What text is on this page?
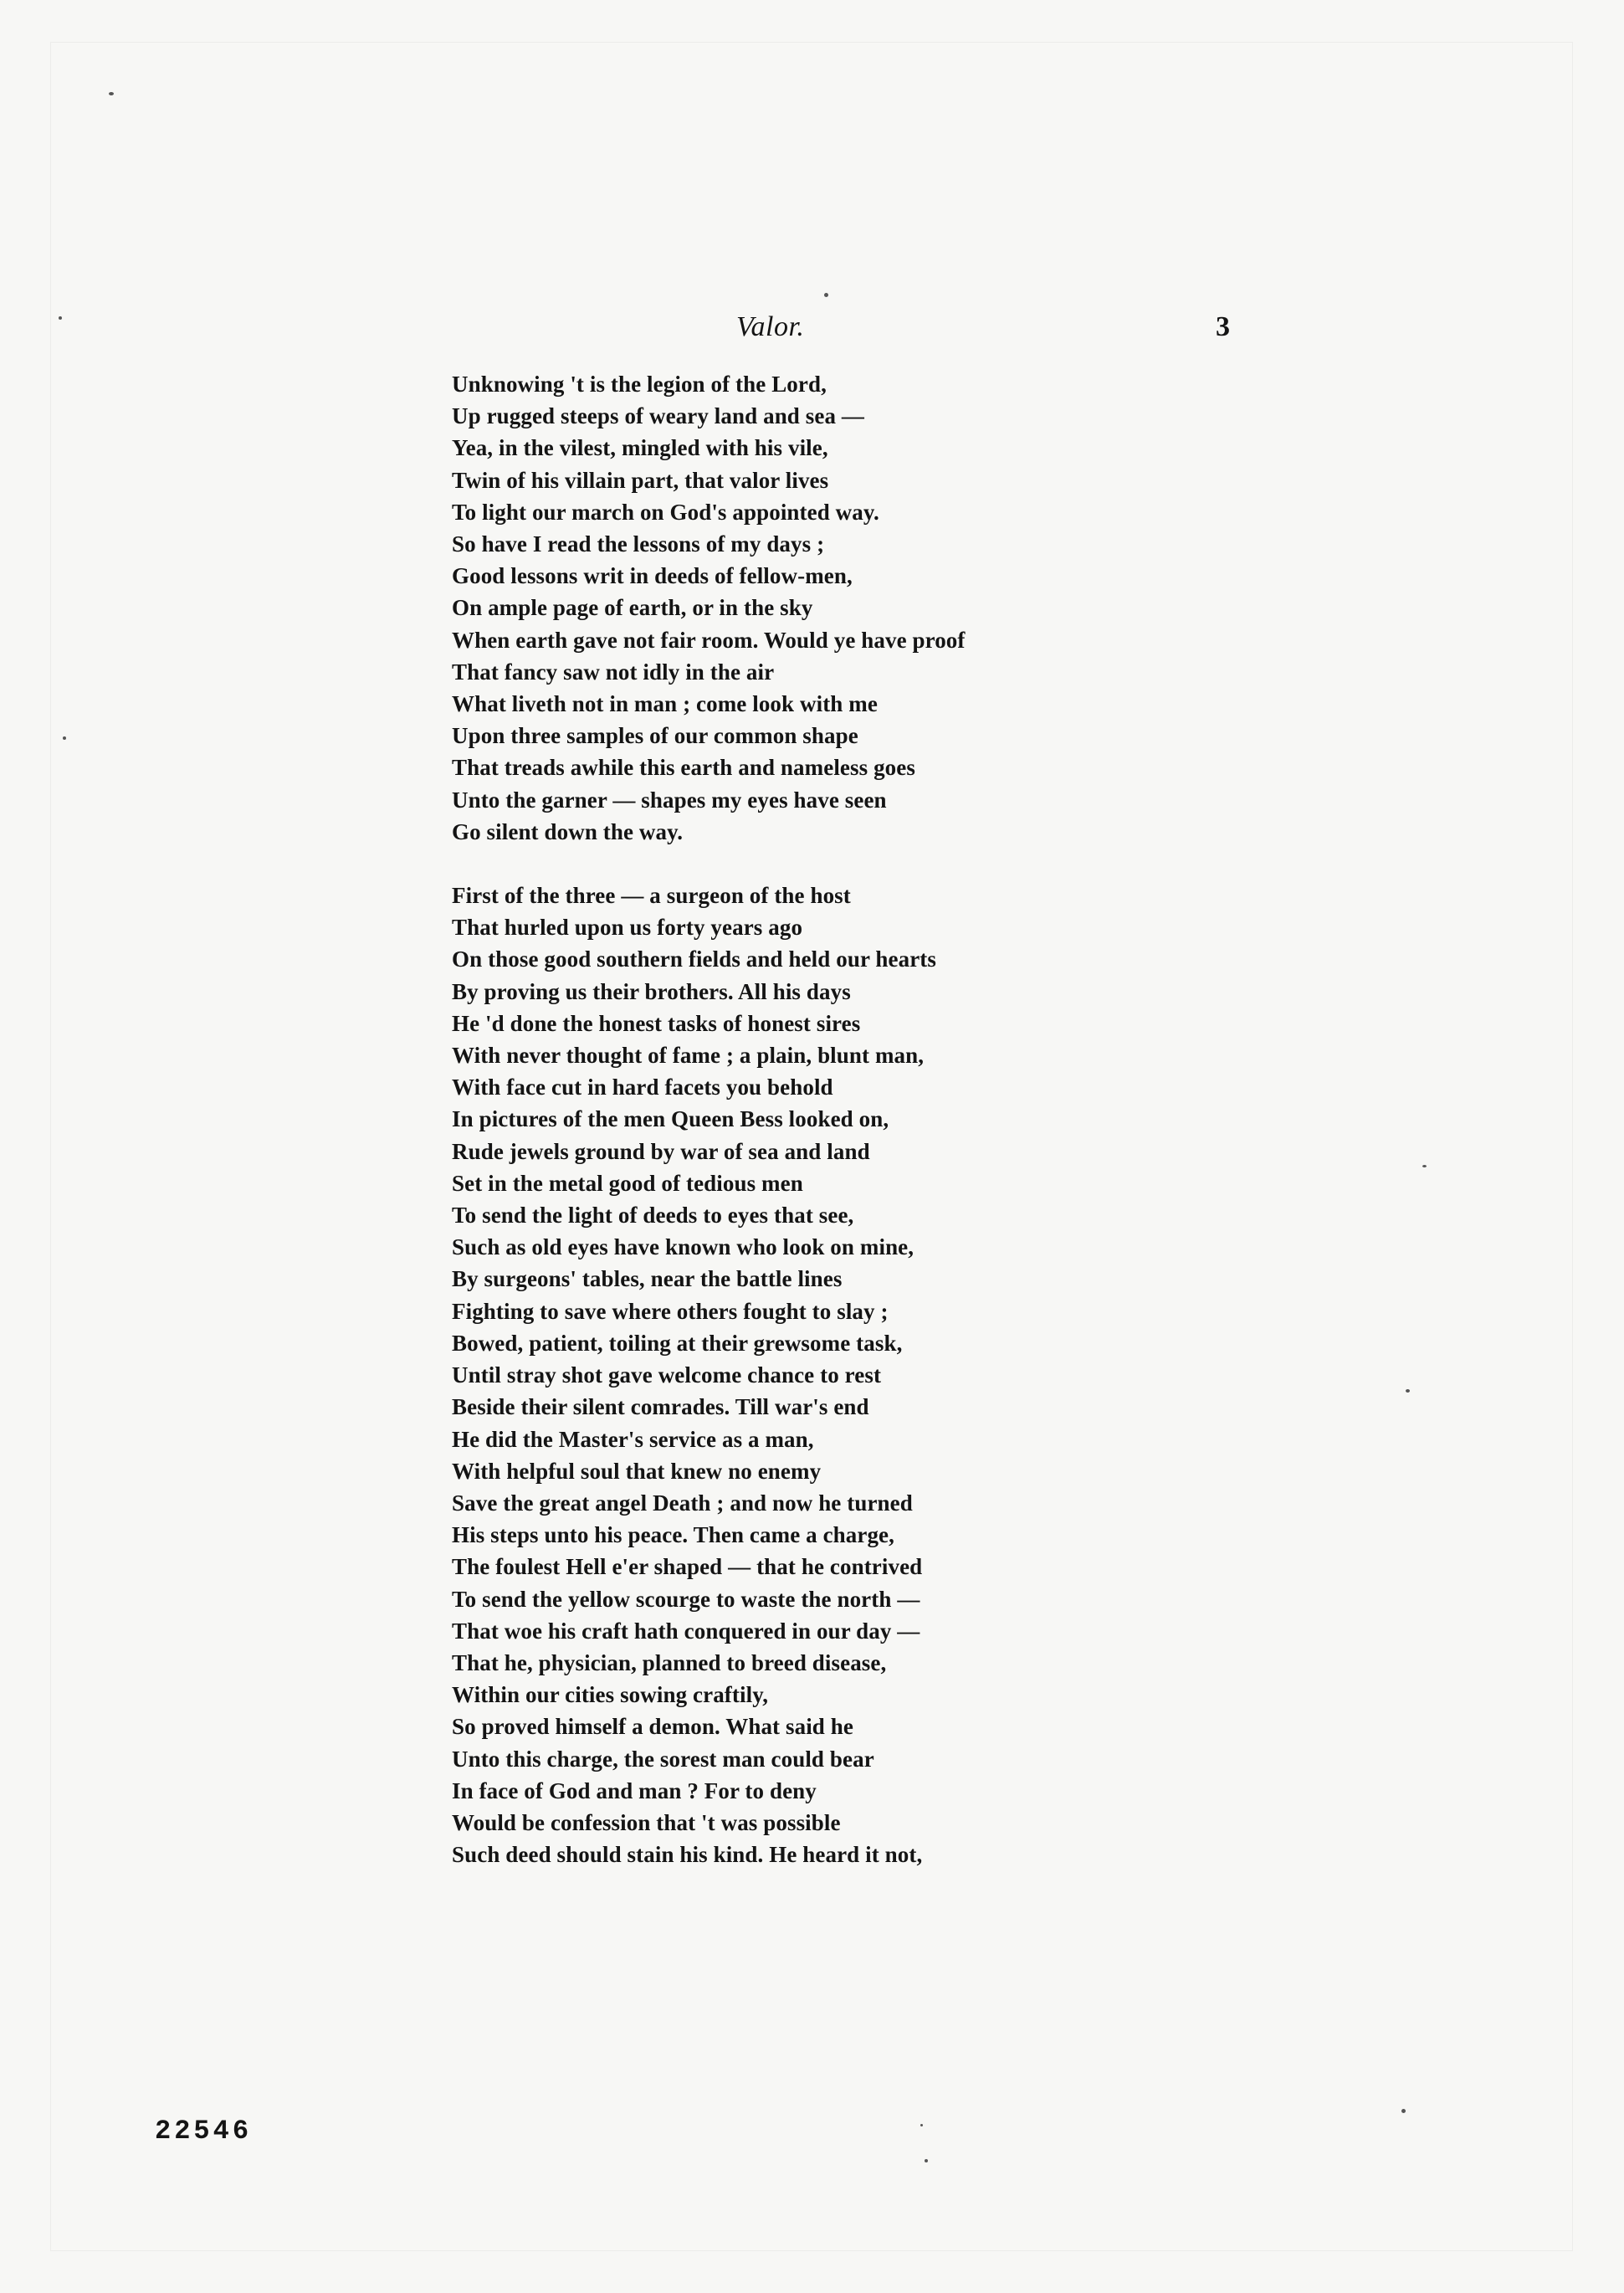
Valor.	3
Unknowing 't is the legion of the Lord,
Up rugged steeps of weary land and sea —
Yea, in the vilest, mingled with his vile,
Twin of his villain part, that valor lives
To light our march on God's appointed way.
So have I read the lessons of my days ;
Good lessons writ in deeds of fellow-men,
On ample page of earth, or in the sky
When earth gave not fair room. Would ye have proof
That fancy saw not idly in the air
What liveth not in man ; come look with me
Upon three samples of our common shape
That treads awhile this earth and nameless goes
Unto the garner — shapes my eyes have seen
Go silent down the way.
First of the three — a surgeon of the host
That hurled upon us forty years ago
On those good southern fields and held our hearts
By proving us their brothers. All his days
He 'd done the honest tasks of honest sires
With never thought of fame ; a plain, blunt man,
With face cut in hard facets you behold
In pictures of the men Queen Bess looked on,
Rude jewels ground by war of sea and land
Set in the metal good of tedious men
To send the light of deeds to eyes that see,
Such as old eyes have known who look on mine,
By surgeons' tables, near the battle lines
Fighting to save where others fought to slay ;
Bowed, patient, toiling at their grewsome task,
Until stray shot gave welcome chance to rest
Beside their silent comrades. Till war's end
He did the Master's service as a man,
With helpful soul that knew no enemy
Save the great angel Death ; and now he turned
His steps unto his peace. Then came a charge,
The foulest Hell e'er shaped — that he contrived
To send the yellow scourge to waste the north —
That woe his craft hath conquered in our day —
That he, physician, planned to breed disease,
Within our cities sowing craftily,
So proved himself a demon. What said he
Unto this charge, the sorest man could bear
In face of God and man ? For to deny
Would be confession that 't was possible
Such deed should stain his kind. He heard it not,
22546
